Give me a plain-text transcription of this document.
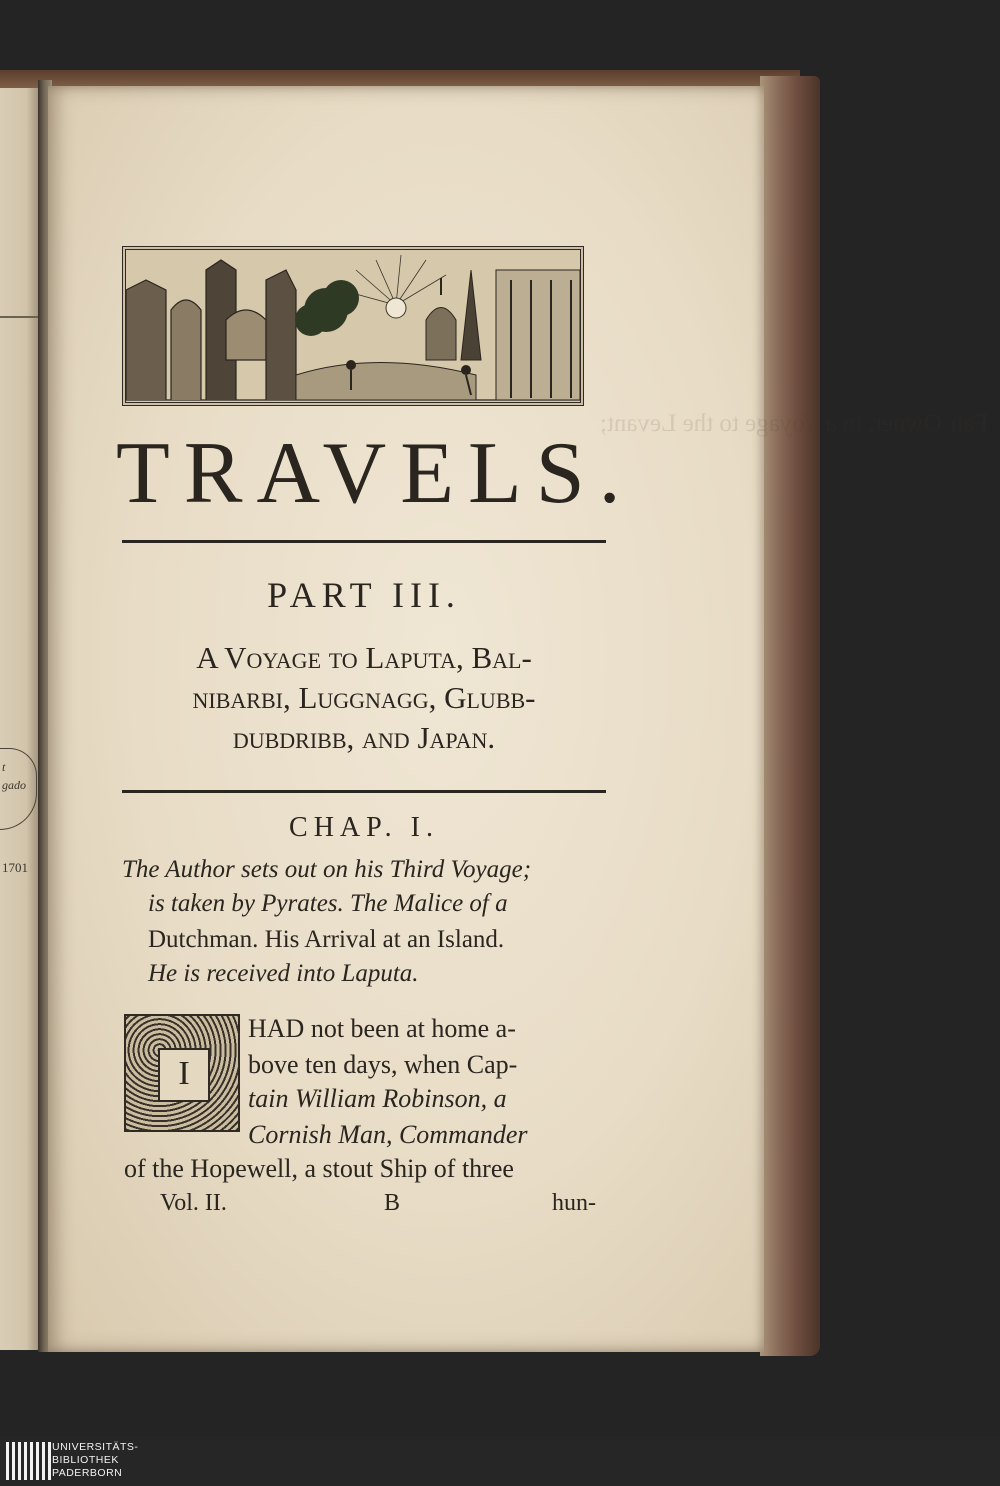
t
gado
1701
Fair Owner, in a Voyage to the Levant;
TRAVELS.
PART III.
A Voyage to Laputa, Bal-
nibarbi, Luggnagg, Glubb-
dubdribb, and Japan.
CHAP. I.
The Author sets out on his Third Voyage;
is taken by Pyrates. The Malice of a
Dutchman. His Arrival at an Island.
He is received into Laputa.
I
HAD not been at home a-
bove ten days, when Cap-
tain William Robinson, a
Cornish Man, Commander
of the Hopewell, a stout Ship of three
Vol. II.	B	hun-
UNIVERSITÄTS-
BIBLIOTHEK
PADERBORN
